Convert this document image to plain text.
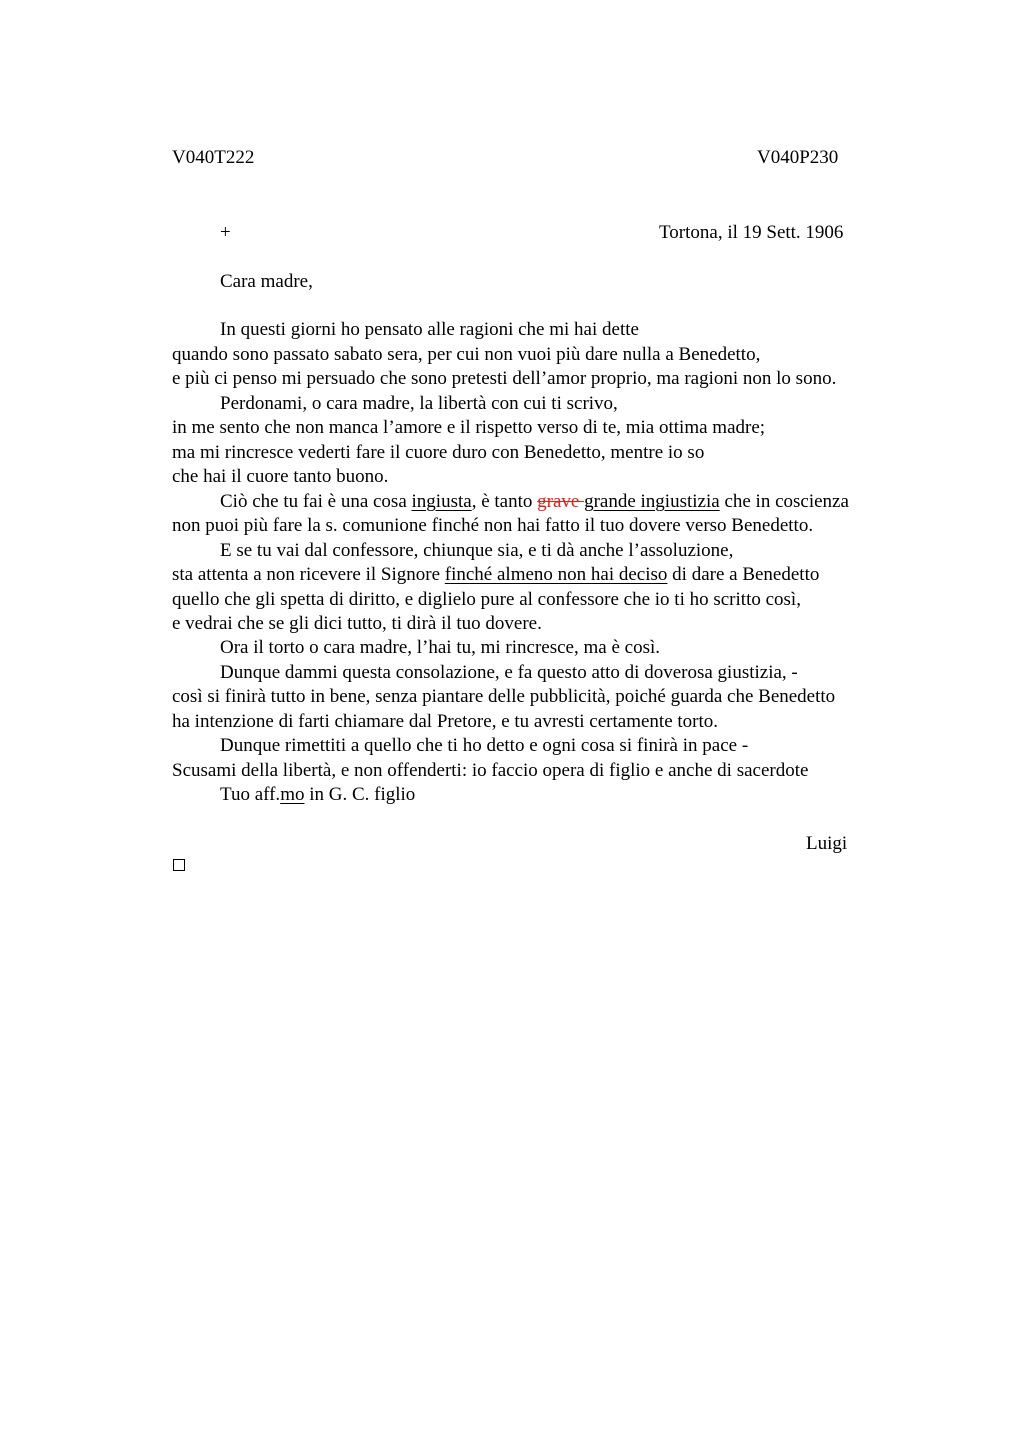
V040T222	V040P230
+	Tortona, il 19 Sett. 1906
Cara madre,
In questi giorni ho pensato alle ragioni che mi hai dette
quando sono passato sabato sera, per cui non vuoi più dare nulla a Benedetto,
e più ci penso mi persuado che sono pretesti dell’amor proprio, ma ragioni non lo sono.
Perdonami, o cara madre, la libertà con cui ti scrivo,
in me sento che non manca l’amore e il rispetto verso di te, mia ottima madre;
ma mi rincresce vederti fare il cuore duro con Benedetto, mentre io so
che hai il cuore tanto buono.
Ciò che tu fai è una cosa ingiusta, è tanto grave grande ingiustizia che in coscienza
non puoi più fare la s. comunione finché non hai fatto il tuo dovere verso Benedetto.
E se tu vai dal confessore, chiunque sia, e ti dà anche l’assoluzione,
sta attenta a non ricevere il Signore finché almeno non hai deciso di dare a Benedetto
quello che gli spetta di diritto, e diglielo pure al confessore che io ti ho scritto così,
e vedrai che se gli dici tutto, ti dirà il tuo dovere.
Ora il torto o cara madre, l’hai tu, mi rincresce, ma è così.
Dunque dammi questa consolazione, e fa questo atto di doverosa giustizia, -
così si finirà tutto in bene, senza piantare delle pubblicità, poiché guarda che Benedetto
ha intenzione di farti chiamare dal Pretore, e tu avresti certamente torto.
Dunque rimettiti a quello che ti ho detto e ogni cosa si finirà in pace -
Scusami della libertà, e non offenderti: io faccio opera di figlio e anche di sacerdote
Tuo aff.mo in G. C. figlio
Luigi
